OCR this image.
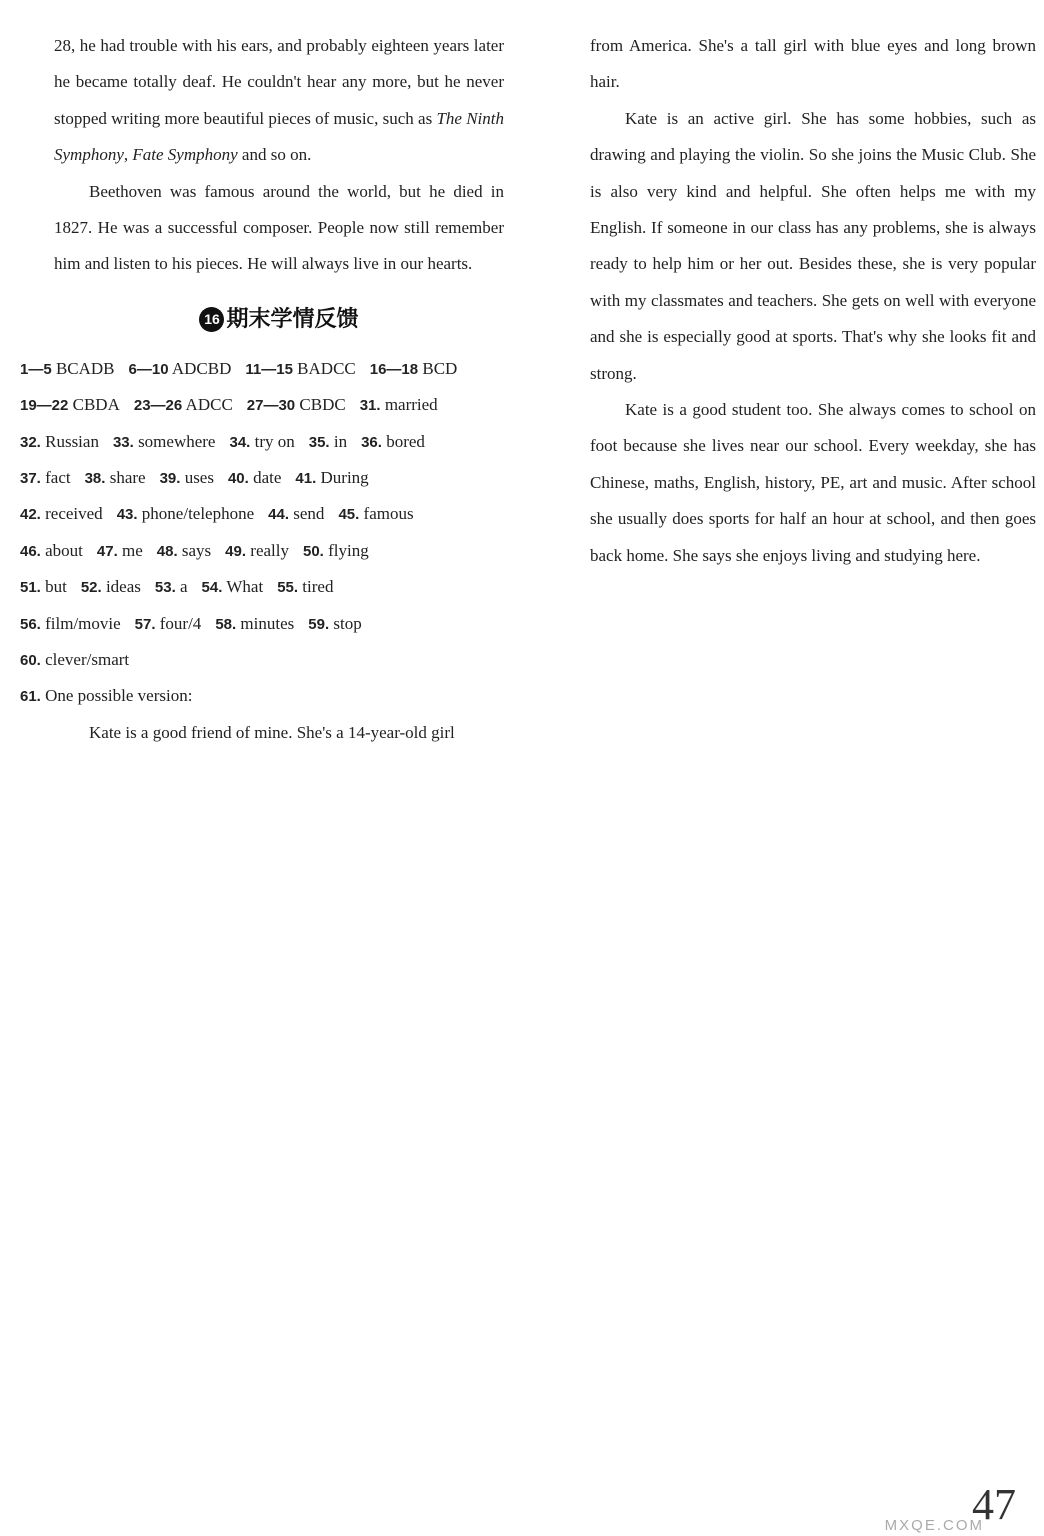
28, he had trouble with his ears, and probably eighteen years later he became totally deaf. He couldn't hear any more, but he never stopped writing more beautiful pieces of music, such as The Ninth Symphony, Fate Symphony and so on.

Beethoven was famous around the world, but he died in 1827. He was a successful composer. People now still remember him and listen to his pieces. He will always live in our hearts.

16 期末学情反馈
1—5 BCADB 6—10 ADCBD 11—15 BADCC 16—18 BCD
19—22 CBDA 23—26 ADCC 27—30 CBDC 31. married
32. Russian 33. somewhere 34. try on 35. in 36. bored
37. fact 38. share 39. uses 40. date 41. During
42. received 43. phone/telephone 44. send 45. famous
46. about 47. me 48. says 49. really 50. flying
51. but 52. ideas 53. a 54. What 55. tired
56. film/movie 57. four/4 58. minutes 59. stop
60. clever/smart
61. One possible version:

Kate is a good friend of mine. She's a 14-year-old girl

from America. She's a tall girl with blue eyes and long brown hair.

Kate is an active girl. She has some hobbies, such as drawing and playing the violin. So she joins the Music Club. She is also very kind and helpful. She often helps me with my English. If someone in our class has any problems, she is always ready to help him or her out. Besides these, she is very popular with my classmates and teachers. She gets on well with everyone and she is especially good at sports. That's why she looks fit and strong.

Kate is a good student too. She always comes to school on foot because she lives near our school. Every weekday, she has Chinese, maths, English, history, PE, art and music. After school she usually does sports for half an hour at school, and then goes back home. She says she enjoys living and studying here.

MXQE.COM
47
